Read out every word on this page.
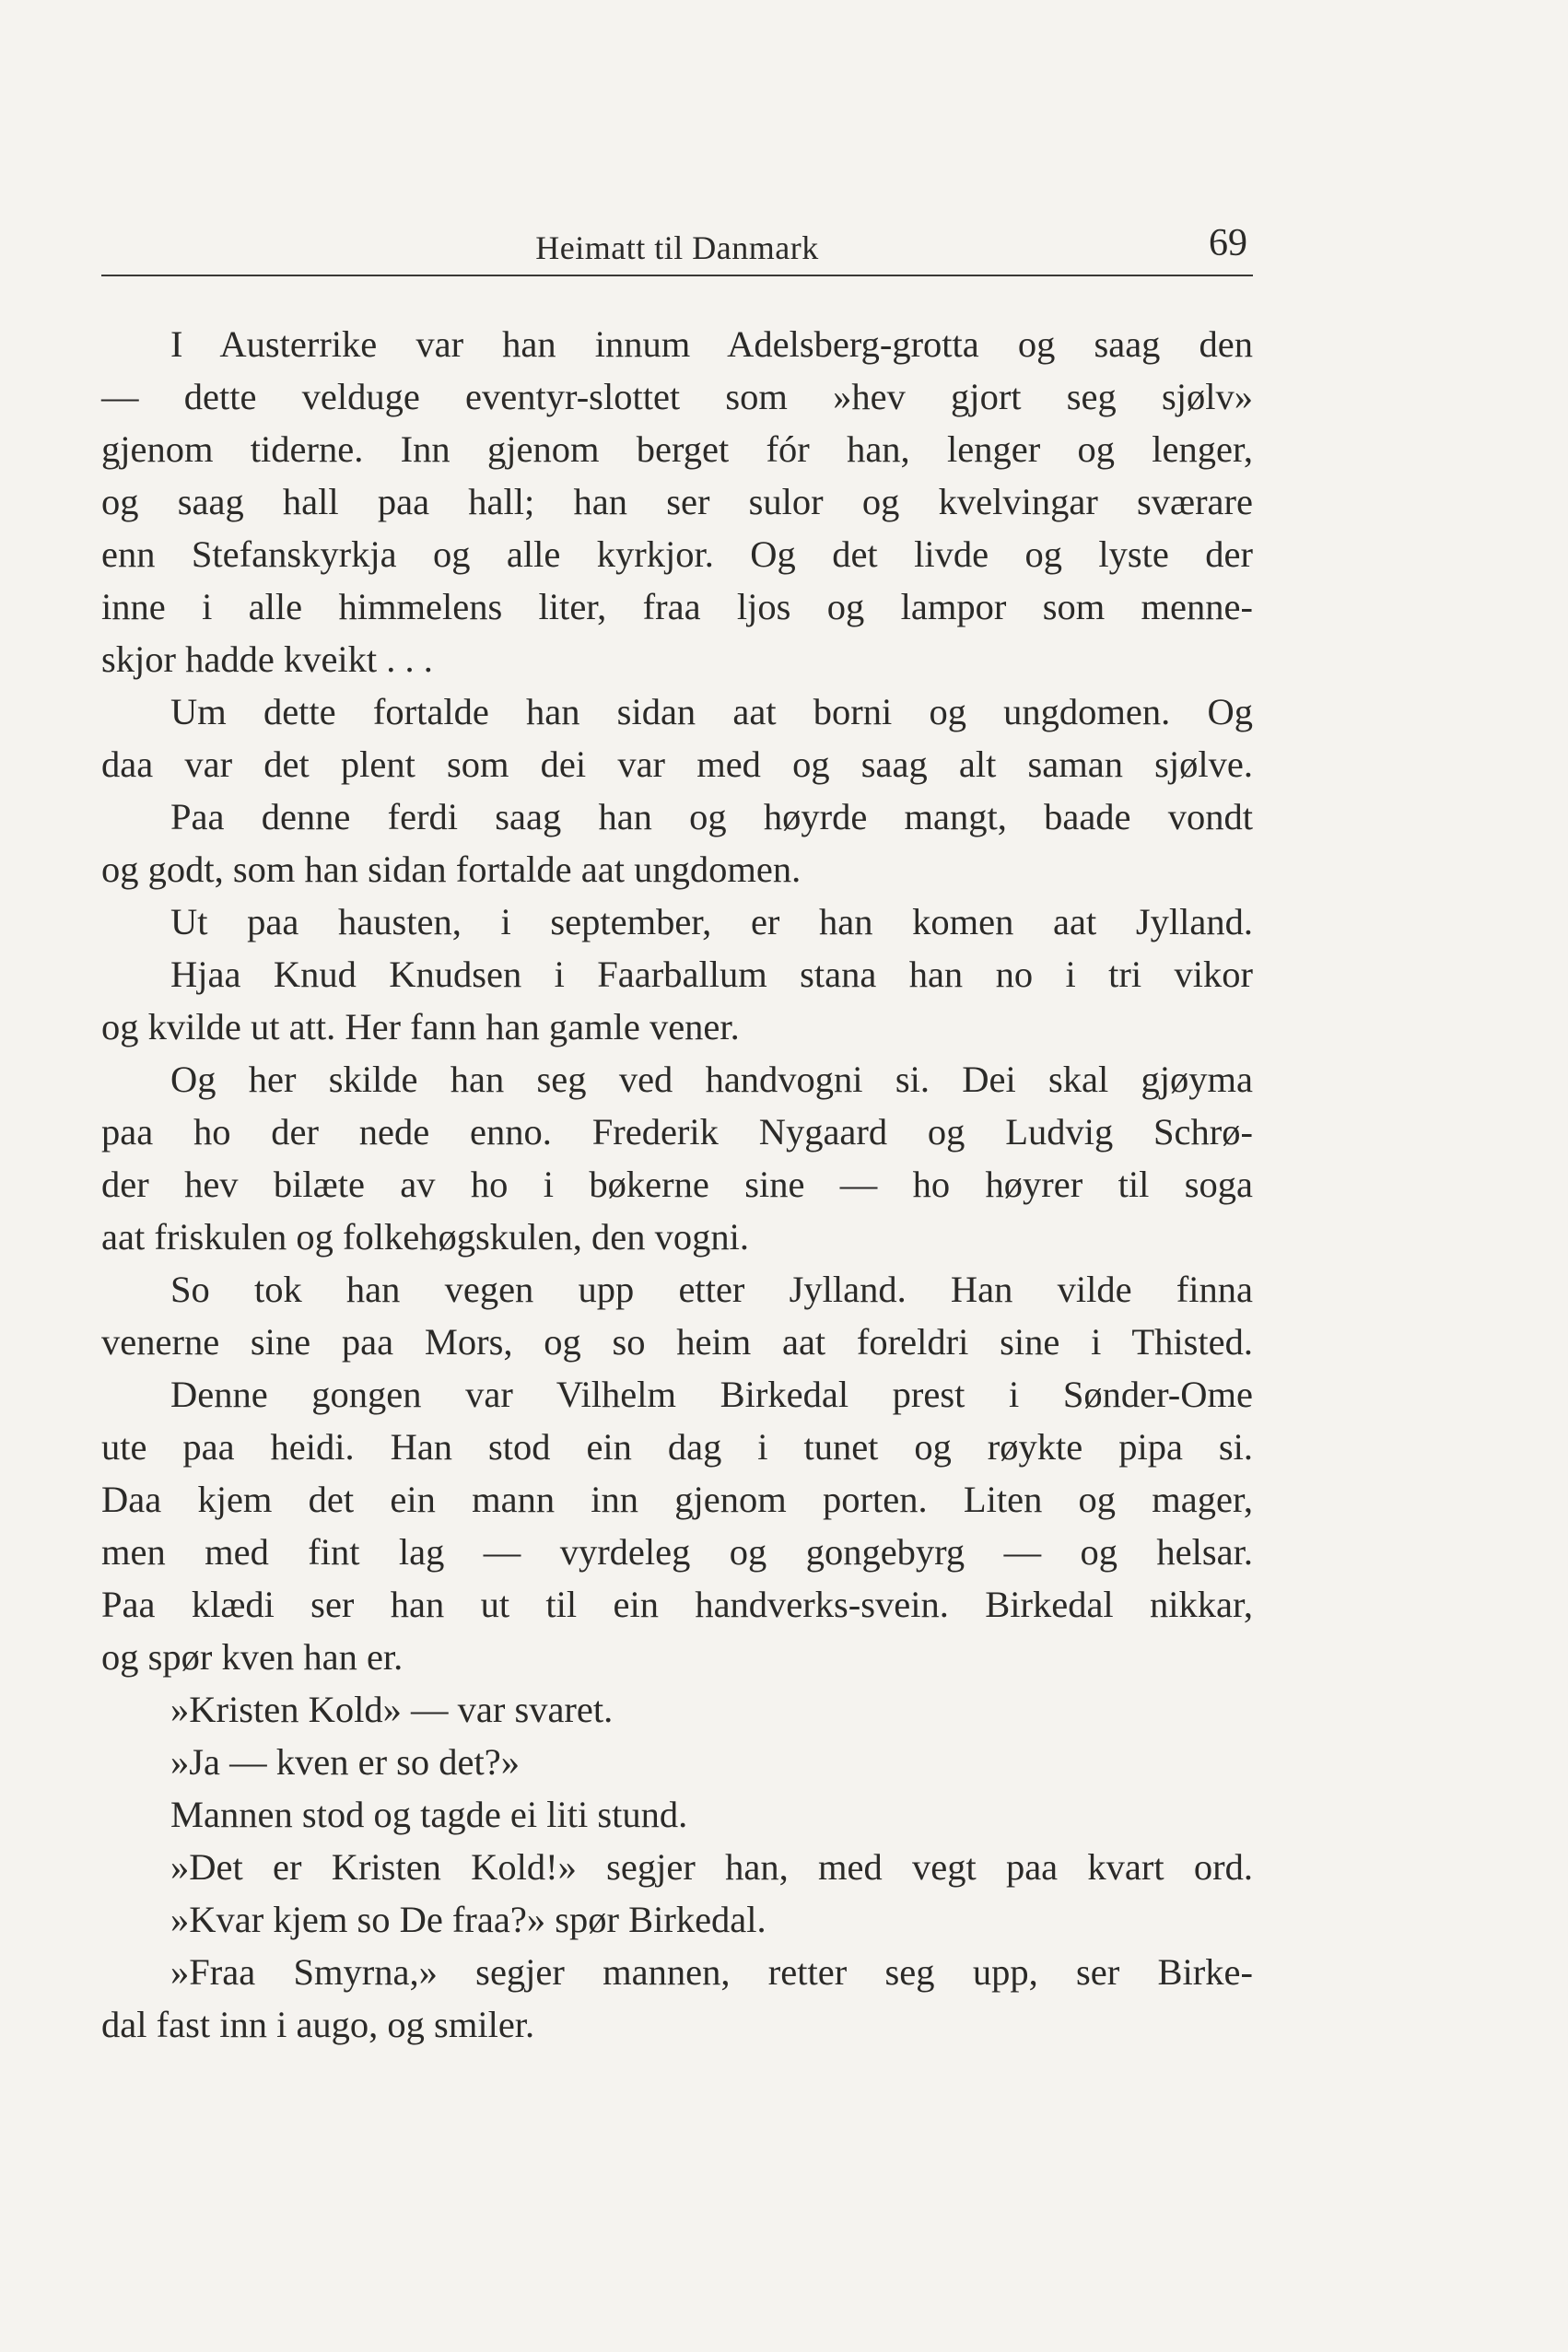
Heimatt til Danmark	69
I Austerrike var han innum Adelsberg-grotta og saag den
— dette velduge eventyr-slottet som »hev gjort seg sjølv»
gjenom tiderne. Inn gjenom berget fór han, lenger og lenger,
og saag hall paa hall; han ser sulor og kvelvingar sværare
enn Stefanskyrkja og alle kyrkjor. Og det livde og lyste der
inne i alle himmelens liter, fraa ljos og lampor som menne-
skjor hadde kveikt . . .
Um dette fortalde han sidan aat borni og ungdomen. Og
daa var det plent som dei var med og saag alt saman sjølve.
Paa denne ferdi saag han og høyrde mangt, baade vondt
og godt, som han sidan fortalde aat ungdomen.
Ut paa hausten, i september, er han komen aat Jylland.
Hjaa Knud Knudsen i Faarballum stana han no i tri vikor
og kvilde ut att. Her fann han gamle vener.
Og her skilde han seg ved handvogni si. Dei skal gjøyma
paa ho der nede enno. Frederik Nygaard og Ludvig Schrø-
der hev bilæte av ho i bøkerne sine — ho høyrer til soga
aat friskulen og folkehøgskulen, den vogni.
So tok han vegen upp etter Jylland. Han vilde finna
venerne sine paa Mors, og so heim aat foreldri sine i Thisted.
Denne gongen var Vilhelm Birkedal prest i Sønder-Ome
ute paa heidi. Han stod ein dag i tunet og røykte pipa si.
Daa kjem det ein mann inn gjenom porten. Liten og mager,
men med fint lag — vyrdeleg og gongebyrg — og helsar.
Paa klædi ser han ut til ein handverks-svein. Birkedal nikkar,
og spør kven han er.
»Kristen Kold» — var svaret.
»Ja — kven er so det?»
Mannen stod og tagde ei liti stund.
»Det er Kristen Kold!» segjer han, med vegt paa kvart ord.
»Kvar kjem so De fraa?» spør Birkedal.
»Fraa Smyrna,» segjer mannen, retter seg upp, ser Birke-
dal fast inn i augo, og smiler.
